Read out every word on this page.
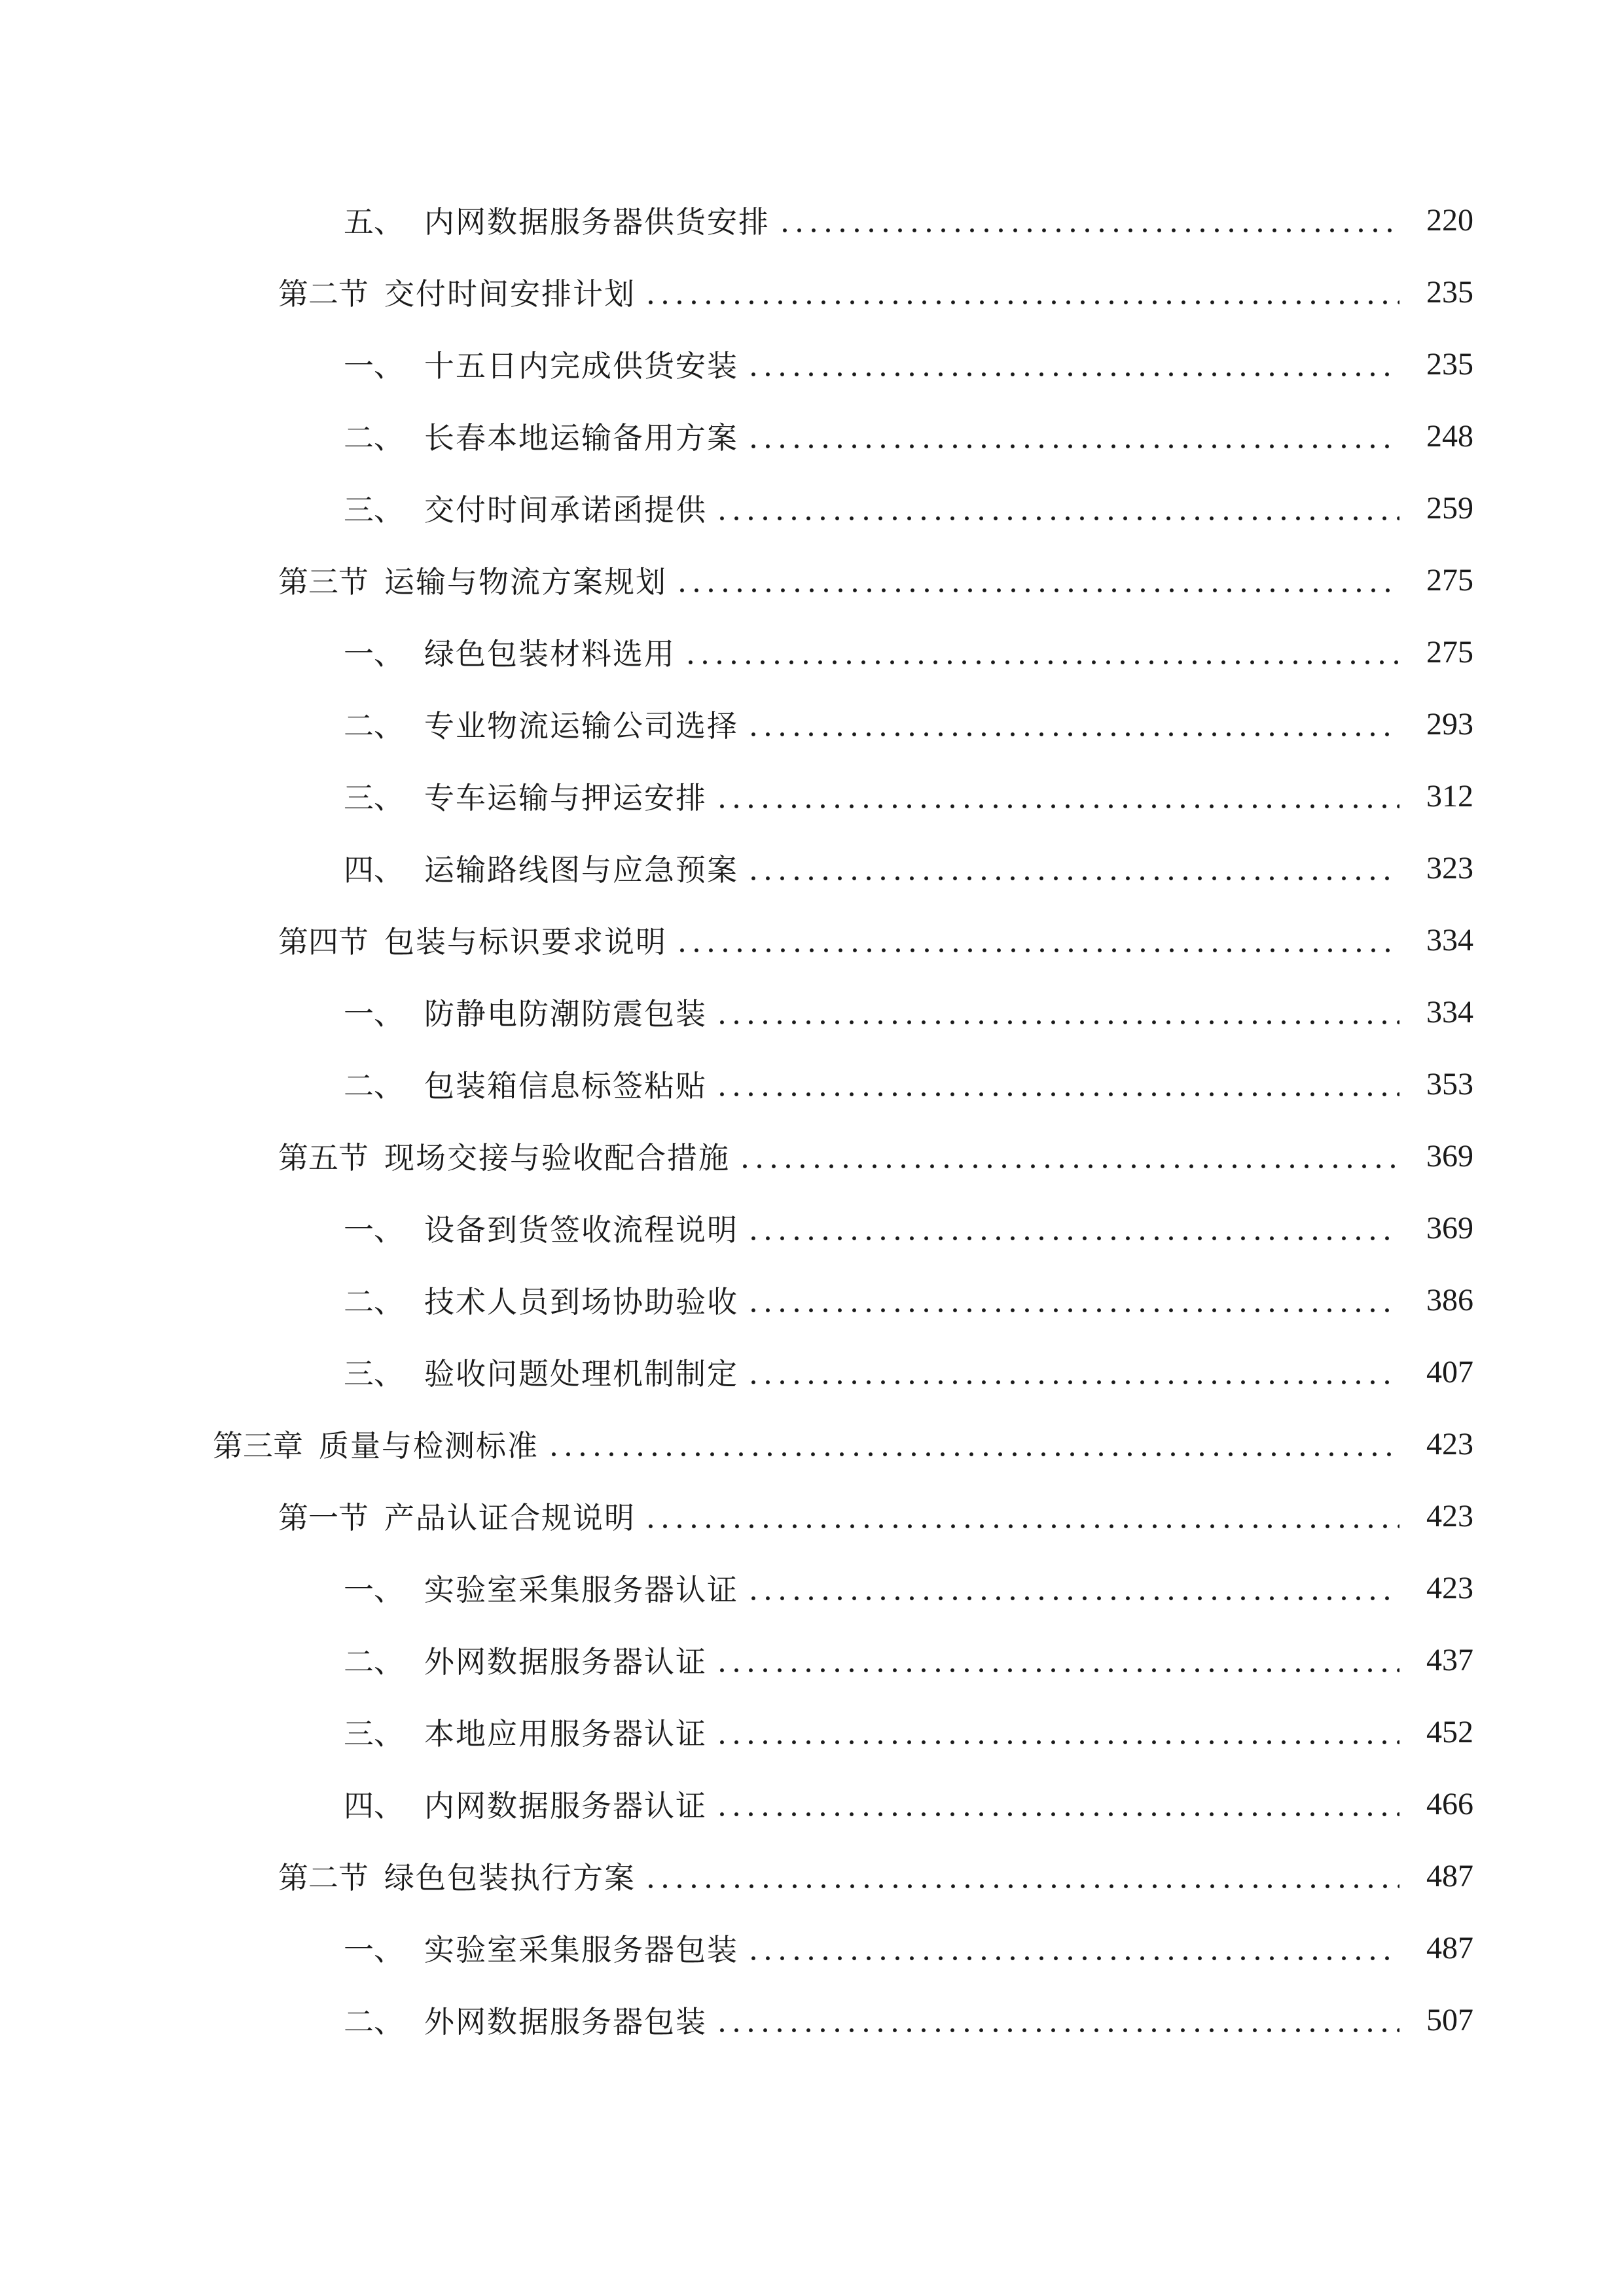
五、 内网数据服务器供货安排	220
第二节 交付时间安排计划	235
一、 十五日内完成供货安装	235
二、 长春本地运输备用方案	248
三、 交付时间承诺函提供	259
第三节 运输与物流方案规划	275
一、 绿色包装材料选用	275
二、 专业物流运输公司选择	293
三、 专车运输与押运安排	312
四、 运输路线图与应急预案	323
第四节 包装与标识要求说明	334
一、 防静电防潮防震包装	334
二、 包装箱信息标签粘贴	353
第五节 现场交接与验收配合措施	369
一、 设备到货签收流程说明	369
二、 技术人员到场协助验收	386
三、 验收问题处理机制制定	407
第三章 质量与检测标准	423
第一节 产品认证合规说明	423
一、 实验室采集服务器认证	423
二、 外网数据服务器认证	437
三、 本地应用服务器认证	452
四、 内网数据服务器认证	466
第二节 绿色包装执行方案	487
一、 实验室采集服务器包装	487
二、 外网数据服务器包装	507
